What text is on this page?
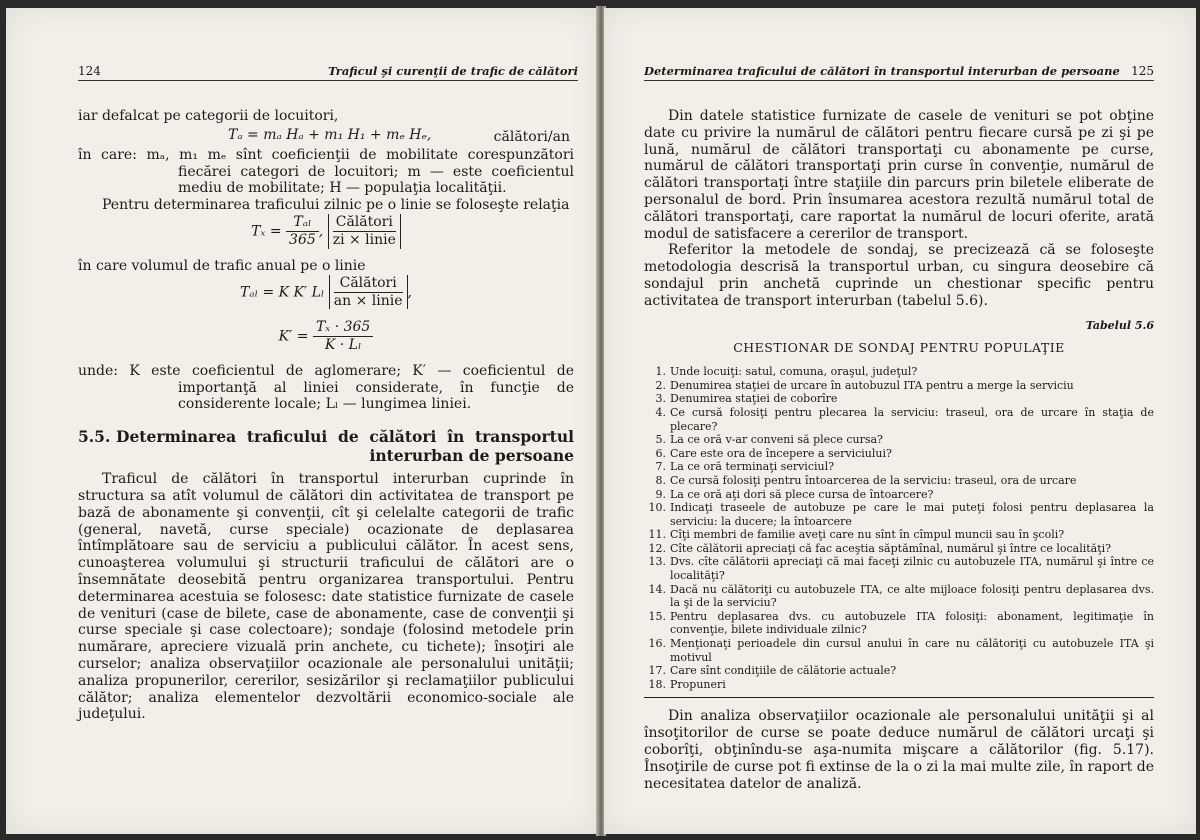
124	Traficul şi curenţii de trafic de călători

iar defalcat pe categorii de locuitori,

Tₐ = mₐ Hₐ + m₁ H₁ + mₑ Hₑ,	călători/an

în care: mₐ, m₁ mₑ sînt coeficienţii de mobilitate corespunzători fiecărei categori de locuitori; m — este coeficientul mediu de mobilitate; H — populaţia localităţii.

Pentru determinarea traficului zilnic pe o linie se foloseşte relaţia

$T_x = \frac{\text{Tₐₗ}}{365}$ ,
Călători
zi × linie

în care volumul de trafic anual pe o linie

Tₐₗ = K K′ Lₗ
Călători
an × linie,
$K' = \frac{\text{Tₓ · 365}}{\text{K · Lₗ}}$

unde: K este coeficientul de aglomerare; K′ — coeficientul de importanţă al liniei considerate, în funcţie de considerente locale; Lₗ — lungimea liniei.

5.5. Determinarea traficului de călători în transportul interurban de persoane

Traficul de călători în transportul interurban cuprinde în structura sa atît volumul de călători din activitatea de transport pe bază de abonamente şi convenţii, cît şi celelalte categorii de trafic (general, navetă, curse speciale) ocazionate de deplasarea întîmplătoare sau de serviciu a publicului călător. În acest sens, cunoaşterea volumului şi structurii traficului de călători are o însemnătate deosebită pentru organizarea transportului. Pentru determinarea acestuia se folosesc: date statistice furnizate de casele de venituri (case de bilete, case de abonamente, case de convenţii şi curse speciale şi case colectoare); sondaje (folosind metodele prin numărare, apreciere vizuală prin anchete, cu tichete); însoţiri ale curselor; analiza observaţiilor ocazionale ale personalului unităţii; analiza propunerilor, cererilor, sesizărilor şi reclamaţiilor publicului călător; analiza elementelor dezvoltării economico-sociale ale judeţului.

125
Determinarea traficului de călători în transportul interurban de persoane

Din datele statistice furnizate de casele de venituri se pot obţine date cu privire la numărul de călători pentru fiecare cursă pe zi şi pe lună, numărul de călători transportaţi cu abonamente pe curse, numărul de călători transportaţi prin curse în convenţie, numărul de călători transportaţi între staţiile din parcurs prin biletele eliberate de personalul de bord. Prin însumarea acestora rezultă numărul total de călători transportaţi, care raportat la numărul de locuri oferite, arată modul de satisfacere a cererilor de transport.

Referitor la metodele de sondaj, se precizează că se foloseşte metodologia descrisă la transportul urban, cu singura deosebire că sondajul prin anchetă cuprinde un chestionar specific pentru activitatea de transport interurban (tabelul 5.6).

Tabelul 5.6
CHESTIONAR DE SONDAJ PENTRU POPULAŢIE
1. Unde locuiţi: satul, comuna, oraşul, judeţul?
2. Denumirea staţiei de urcare în autobuzul ITA pentru a merge la serviciu
3. Denumirea staţiei de coborîre
4. Ce cursă folosiţi pentru plecarea la serviciu: traseul, ora de urcare în staţia de plecare?
5. La ce oră v-ar conveni să plece cursa?
6. Care este ora de începere a serviciului?
7. La ce oră terminaţi serviciul?
8. Ce cursă folosiţi pentru întoarcerea de la serviciu: traseul, ora de urcare
9. La ce oră aţi dori să plece cursa de întoarcere?
10. Indicaţi traseele de autobuze pe care le mai puteţi folosi pentru deplasarea la serviciu: la ducere; la întoarcere
11. Cîţi membri de familie aveţi care nu sînt în cîmpul muncii sau în şcoli?
12. Cîte călătorii apreciaţi că fac aceştia săptămînal, numărul şi între ce localităţi?
13. Dvs. cîte călătorii apreciaţi că mai faceţi zilnic cu autobuzele ITA, numărul şi între ce localităţi?
14. Dacă nu călătoriţi cu autobuzele ITA, ce alte mijloace folosiţi pentru deplasarea dvs. la şi de la serviciu?
15. Pentru deplasarea dvs. cu autobuzele ITA folosiţi: abonament, legitimaţie în convenţie, bilete individuale zilnic?
16. Menţionaţi perioadele din cursul anului în care nu călătoriţi cu autobuzele ITA şi motivul
17. Care sînt condiţiile de călătorie actuale?
18. Propuneri

Din analiza observaţiilor ocazionale ale personalului unităţii şi al însoţitorilor de curse se poate deduce numărul de călători urcaţi şi coborîţi, obţinîndu-se aşa-numita mişcare a călătorilor (fig. 5.17). Însoţirile de curse pot fi extinse de la o zi la mai multe zile, în raport de necesitatea datelor de analiză.
